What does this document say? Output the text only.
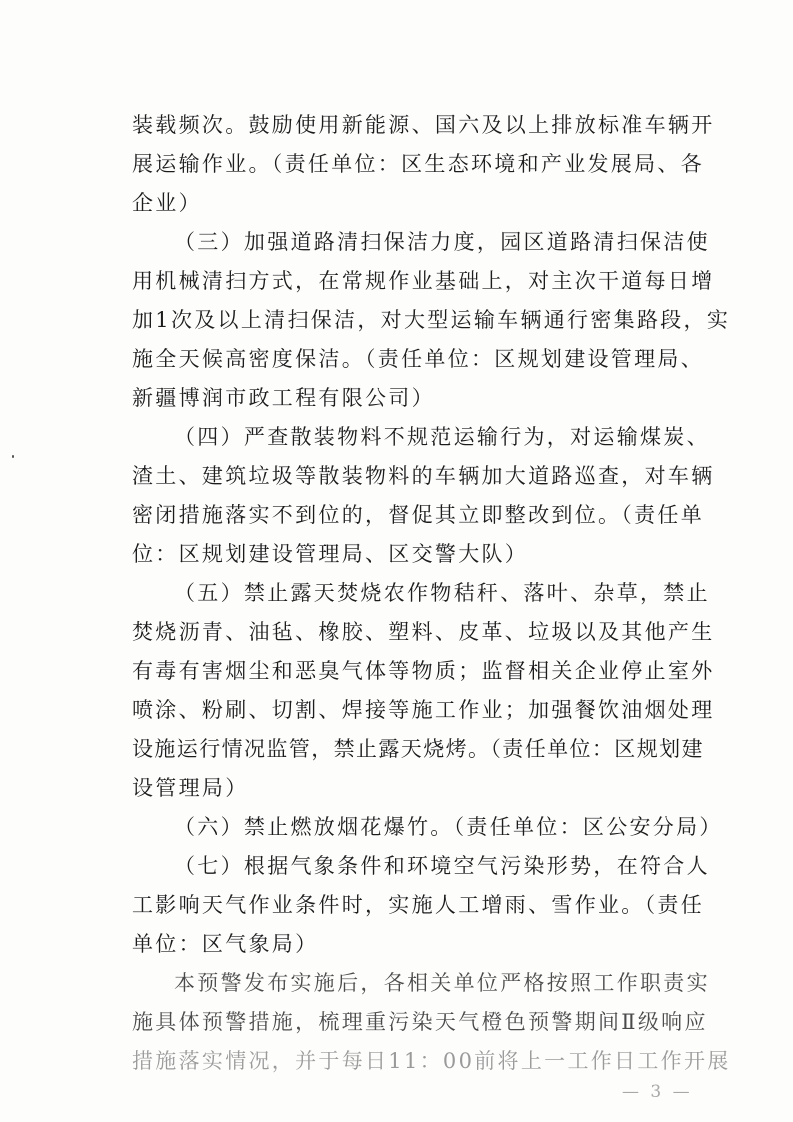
装载频次。鼓励使用新能源、国六及以上排放标准车辆开
展运输作业。（责任单位：区生态环境和产业发展局、各
企业）
（三）加强道路清扫保洁力度，园区道路清扫保洁使
用机械清扫方式，在常规作业基础上，对主次干道每日增
加1次及以上清扫保洁，对大型运输车辆通行密集路段，实
施全天候高密度保洁。（责任单位：区规划建设管理局、
新疆博润市政工程有限公司）
（四）严查散装物料不规范运输行为，对运输煤炭、
渣土、建筑垃圾等散装物料的车辆加大道路巡查，对车辆
密闭措施落实不到位的，督促其立即整改到位。（责任单
位：区规划建设管理局、区交警大队）
（五）禁止露天焚烧农作物秸秆、落叶、杂草，禁止
焚烧沥青、油毡、橡胶、塑料、皮革、垃圾以及其他产生
有毒有害烟尘和恶臭气体等物质；监督相关企业停止室外
喷涂、粉刷、切割、焊接等施工作业；加强餐饮油烟处理
设施运行情况监管，禁止露天烧烤。（责任单位：区规划建
设管理局）
（六）禁止燃放烟花爆竹。（责任单位：区公安分局）
（七）根据气象条件和环境空气污染形势，在符合人
工影响天气作业条件时，实施人工增雨、雪作业。（责任
单位：区气象局）
本预警发布实施后，各相关单位严格按照工作职责实
施具体预警措施，梳理重污染天气橙色预警期间Ⅱ级响应
措施落实情况，并于每日11：00前将上一工作日工作开展
— 3 —
